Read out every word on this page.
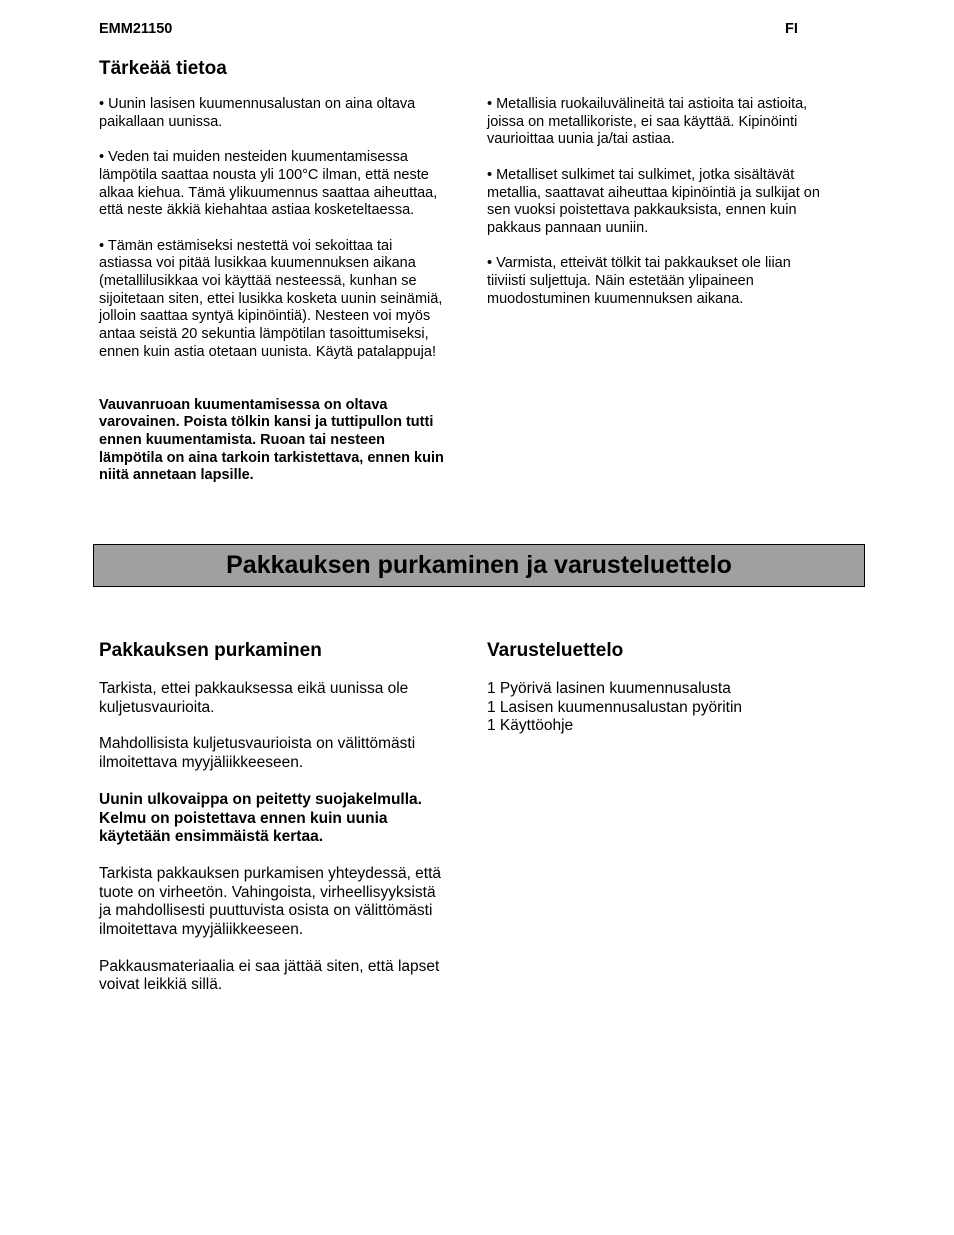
EMM21150	FI
Tärkeää tietoa

• Uunin lasisen kuumennusalustan on aina oltava
paikallaan uunissa.

• Veden tai muiden nesteiden kuumentamisessa
lämpötila saattaa nousta yli 100°C ilman, että neste
alkaa kiehua. Tämä ylikuumennus saattaa aiheuttaa,
että neste äkkiä kiehahtaa astiaa kosketeltaessa.

• Tämän estämiseksi nestettä voi sekoittaa tai
astiassa voi pitää lusikkaa kuumennuksen aikana
(metallilusikkaa voi käyttää nesteessä, kunhan se
sijoitetaan siten, ettei lusikka kosketa uunin seinämiä,
jolloin saattaa syntyä kipinöintiä). Nesteen voi myös
antaa seistä 20 sekuntia lämpötilan tasoittumiseksi,
ennen kuin astia otetaan uunista. Käytä patalappuja!

Vauvanruoan kuumentamisessa on oltava
varovainen. Poista tölkin kansi ja tuttipullon tutti
ennen kuumentamista. Ruoan tai nesteen
lämpötila on aina tarkoin tarkistettava, ennen kuin
niitä annetaan lapsille.

• Metallisia ruokailuvälineitä tai astioita tai astioita,
joissa on metallikoriste, ei saa käyttää. Kipinöinti
vaurioittaa uunia ja/tai astiaa.

• Metalliset sulkimet tai sulkimet, jotka sisältävät
metallia, saattavat aiheuttaa kipinöintiä ja sulkijat on
sen vuoksi poistettava pakkauksista, ennen kuin
pakkaus pannaan uuniin.

• Varmista, etteivät tölkit tai pakkaukset ole liian
tiiviisti suljettuja. Näin estetään ylipaineen
muodostuminen kuumennuksen aikana.

Pakkauksen purkaminen ja varusteluettelo
Pakkauksen purkaminen

Tarkista, ettei pakkauksessa eikä uunissa ole
kuljetusvaurioita.

Mahdollisista kuljetusvaurioista on välittömästi
ilmoitettava myyjäliikkeeseen.

Uunin ulkovaippa on peitetty suojakelmulla.
Kelmu on poistettava ennen kuin uunia
käytetään ensimmäistä kertaa.

Tarkista pakkauksen purkamisen yhteydessä, että
tuote on virheetön. Vahingoista, virheellisyyksistä
ja mahdollisesti puuttuvista osista on välittömästi
ilmoitettava myyjäliikkeeseen.

Pakkausmateriaalia ei saa jättää siten, että lapset
voivat leikkiä sillä.

Varusteluettelo
1 Pyörivä lasinen kuumennusalusta
1 Lasisen kuumennusalustan pyöritin
1 Käyttöohje
